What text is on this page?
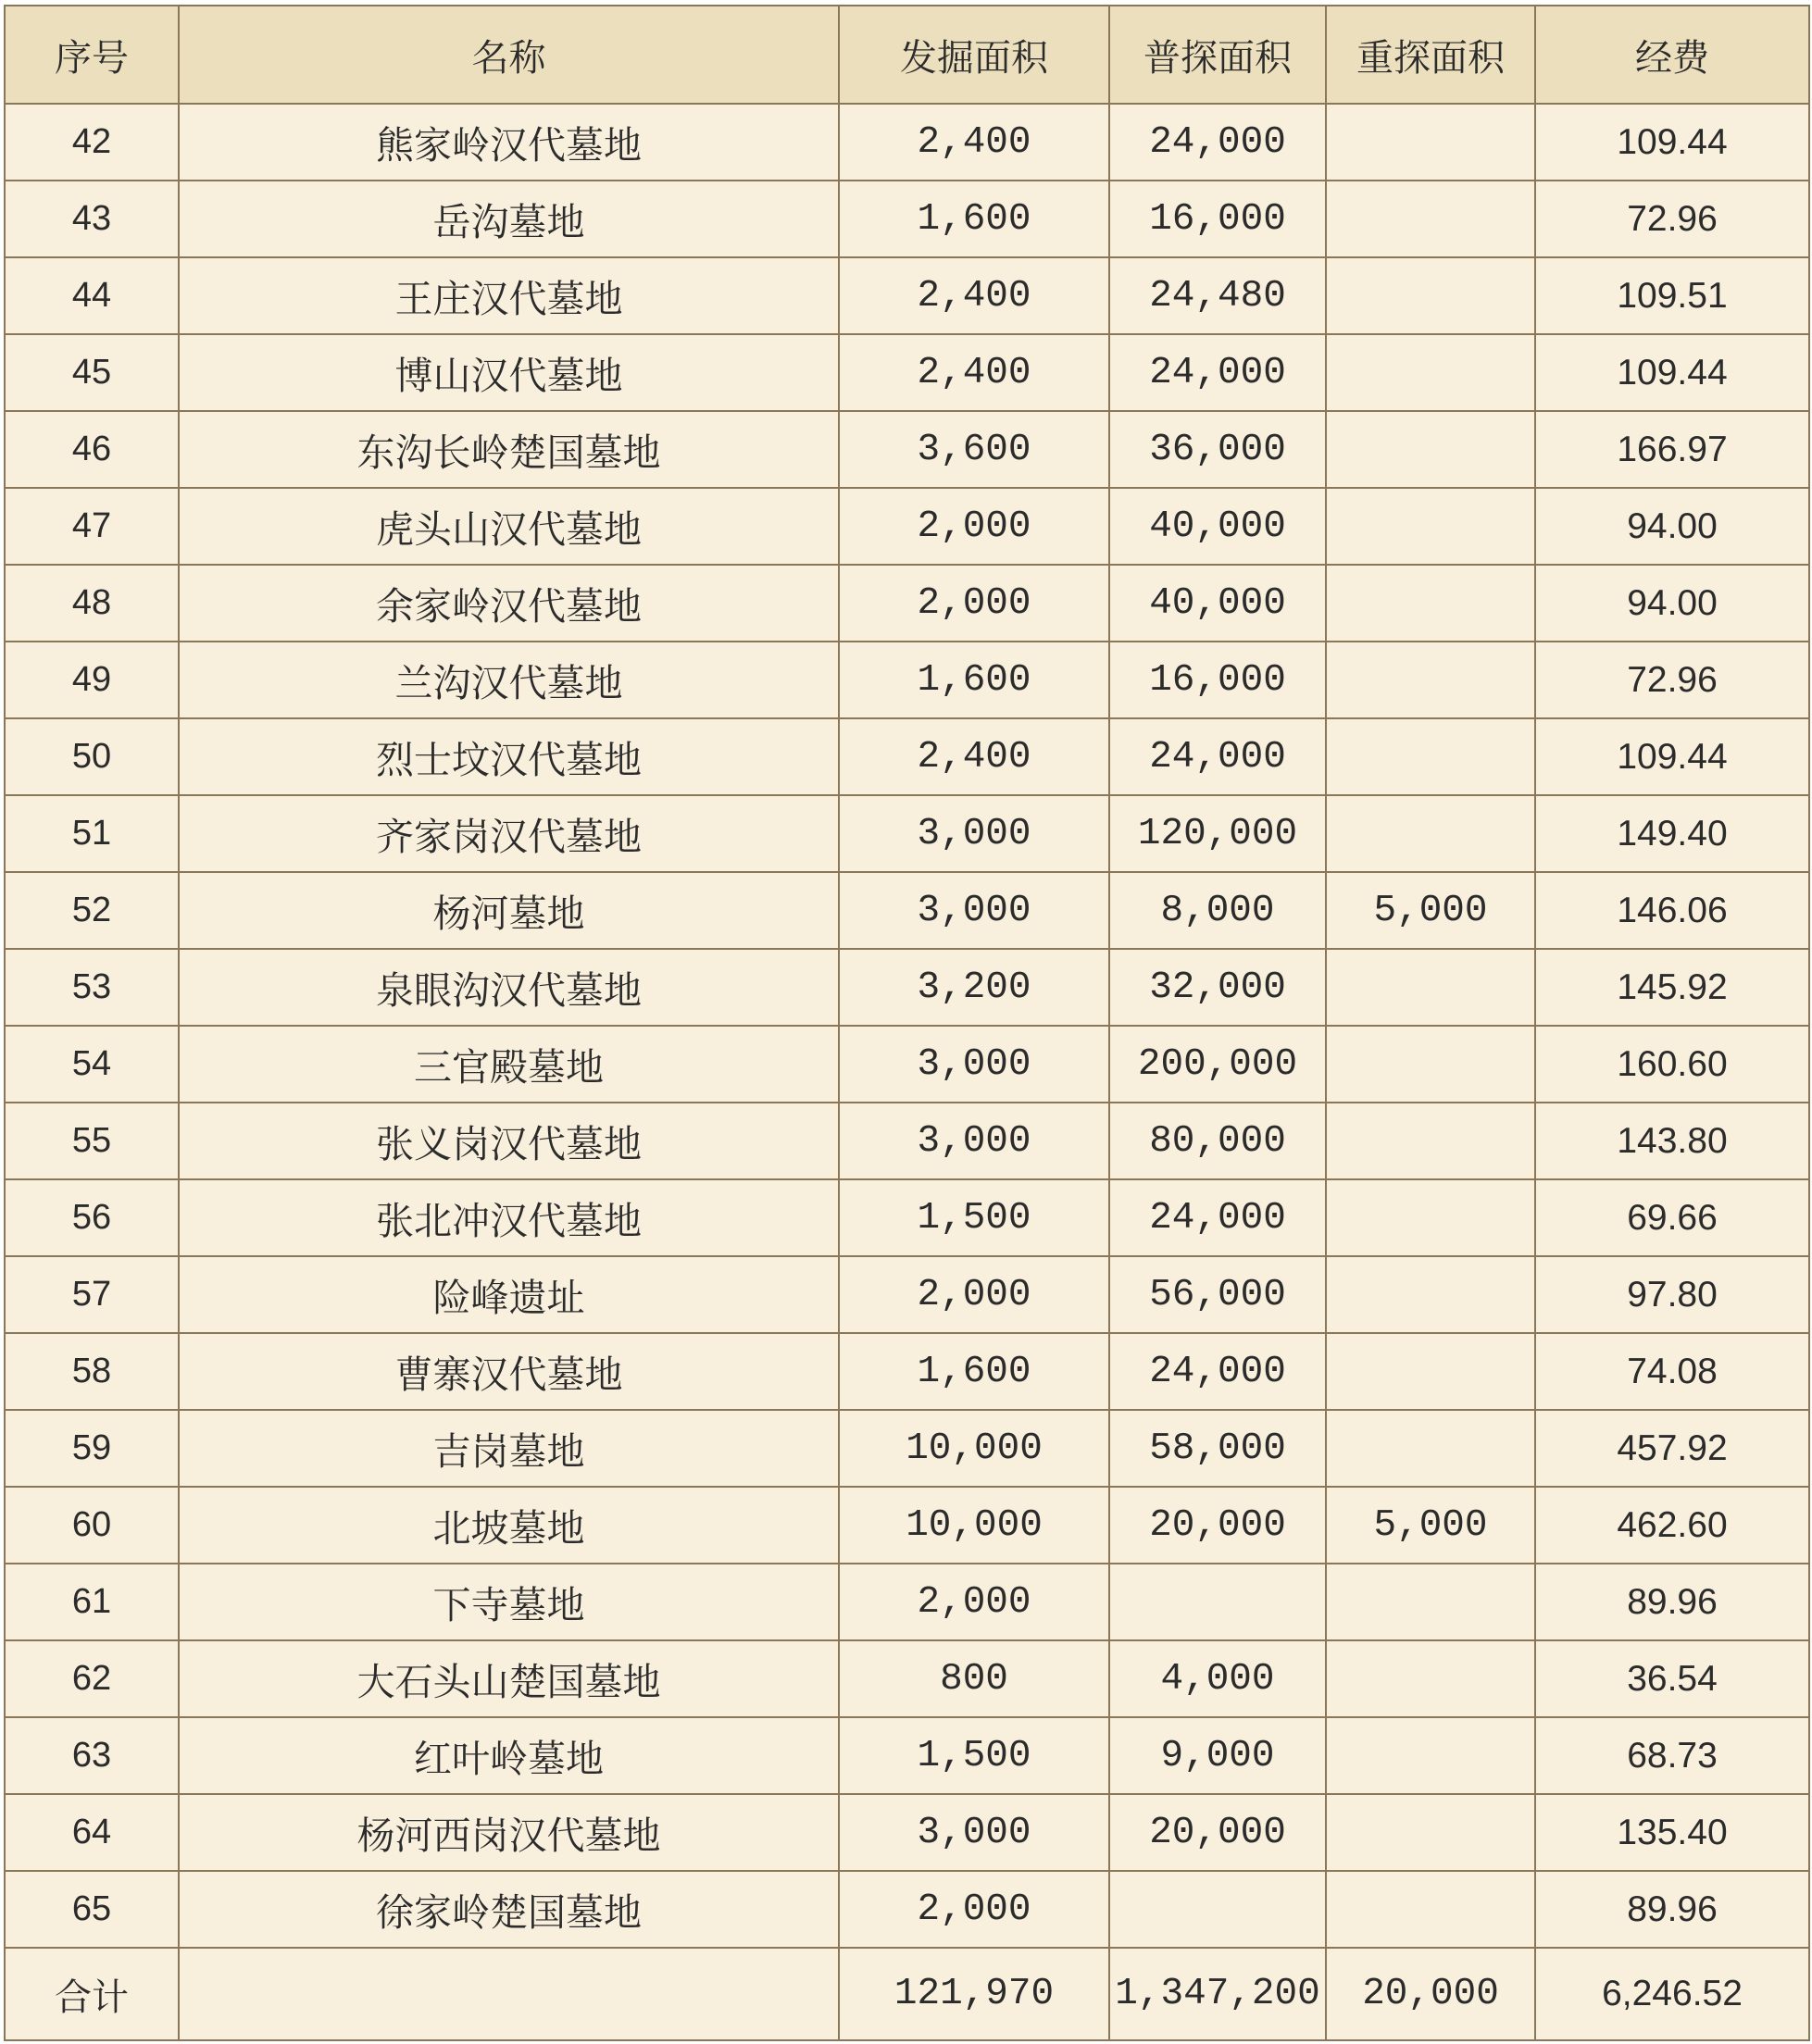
序号	名称	发掘面积	普探面积	重探面积	经费
42	熊家岭汉代墓地	2,400	24,000		109.44
43	岳沟墓地	1,600	16,000		72.96
44	王庄汉代墓地	2,400	24,480		109.51
45	博山汉代墓地	2,400	24,000		109.44
46	东沟长岭楚国墓地	3,600	36,000		166.97
47	虎头山汉代墓地	2,000	40,000		94.00
48	余家岭汉代墓地	2,000	40,000		94.00
49	兰沟汉代墓地	1,600	16,000		72.96
50	烈士坟汉代墓地	2,400	24,000		109.44
51	齐家岗汉代墓地	3,000	120,000		149.40
52	杨河墓地	3,000	8,000	5,000	146.06
53	泉眼沟汉代墓地	3,200	32,000		145.92
54	三官殿墓地	3,000	200,000		160.60
55	张义岗汉代墓地	3,000	80,000		143.80
56	张北冲汉代墓地	1,500	24,000		69.66
57	险峰遗址	2,000	56,000		97.80
58	曹寨汉代墓地	1,600	24,000		74.08
59	吉岗墓地	10,000	58,000		457.92
60	北坡墓地	10,000	20,000	5,000	462.60
61	下寺墓地	2,000			89.96
62	大石头山楚国墓地	800	4,000		36.54
63	红叶岭墓地	1,500	9,000		68.73
64	杨河西岗汉代墓地	3,000	20,000		135.40
65	徐家岭楚国墓地	2,000			89.96
合计		121,970	1,347,200	20,000	6,246.52
